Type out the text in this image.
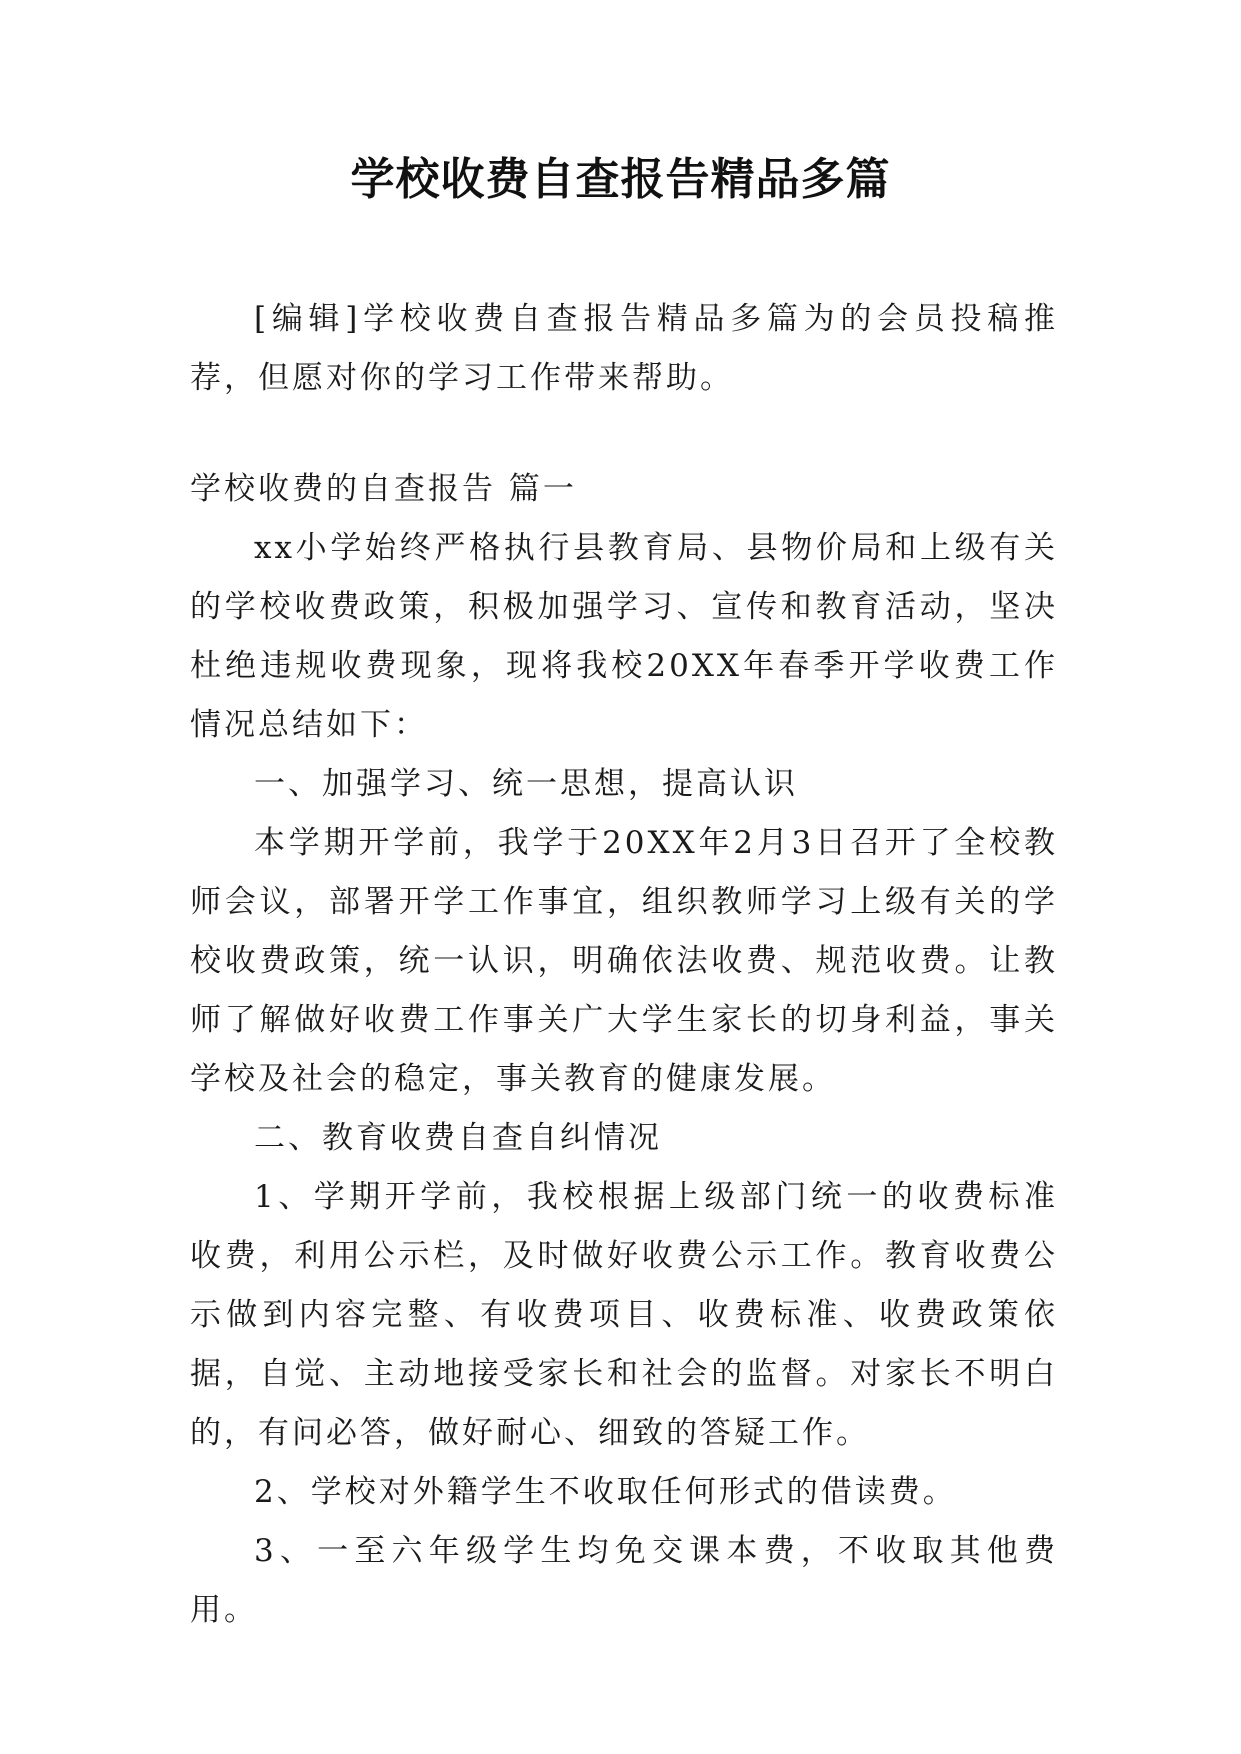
学校收费自查报告精品多篇

[编辑]学校收费自查报告精品多篇为的会员投稿推荐，但愿对你的学习工作带来帮助。

学校收费的自查报告 篇一

xx小学始终严格执行县教育局、县物价局和上级有关的学校收费政策，积极加强学习、宣传和教育活动，坚决杜绝违规收费现象，现将我校20XX年春季开学收费工作情况总结如下：

一、加强学习、统一思想，提高认识

本学期开学前，我学于20XX年2月3日召开了全校教师会议，部署开学工作事宜，组织教师学习上级有关的学校收费政策，统一认识，明确依法收费、规范收费。让教师了解做好收费工作事关广大学生家长的切身利益，事关学校及社会的稳定，事关教育的健康发展。

二、教育收费自查自纠情况

1、学期开学前，我校根据上级部门统一的收费标准收费，利用公示栏，及时做好收费公示工作。教育收费公示做到内容完整、有收费项目、收费标准、收费政策依据，自觉、主动地接受家长和社会的监督。对家长不明白的，有问必答，做好耐心、细致的答疑工作。

2、学校对外籍学生不收取任何形式的借读费。

3、一至六年级学生均免交课本费，不收取其他费用。
